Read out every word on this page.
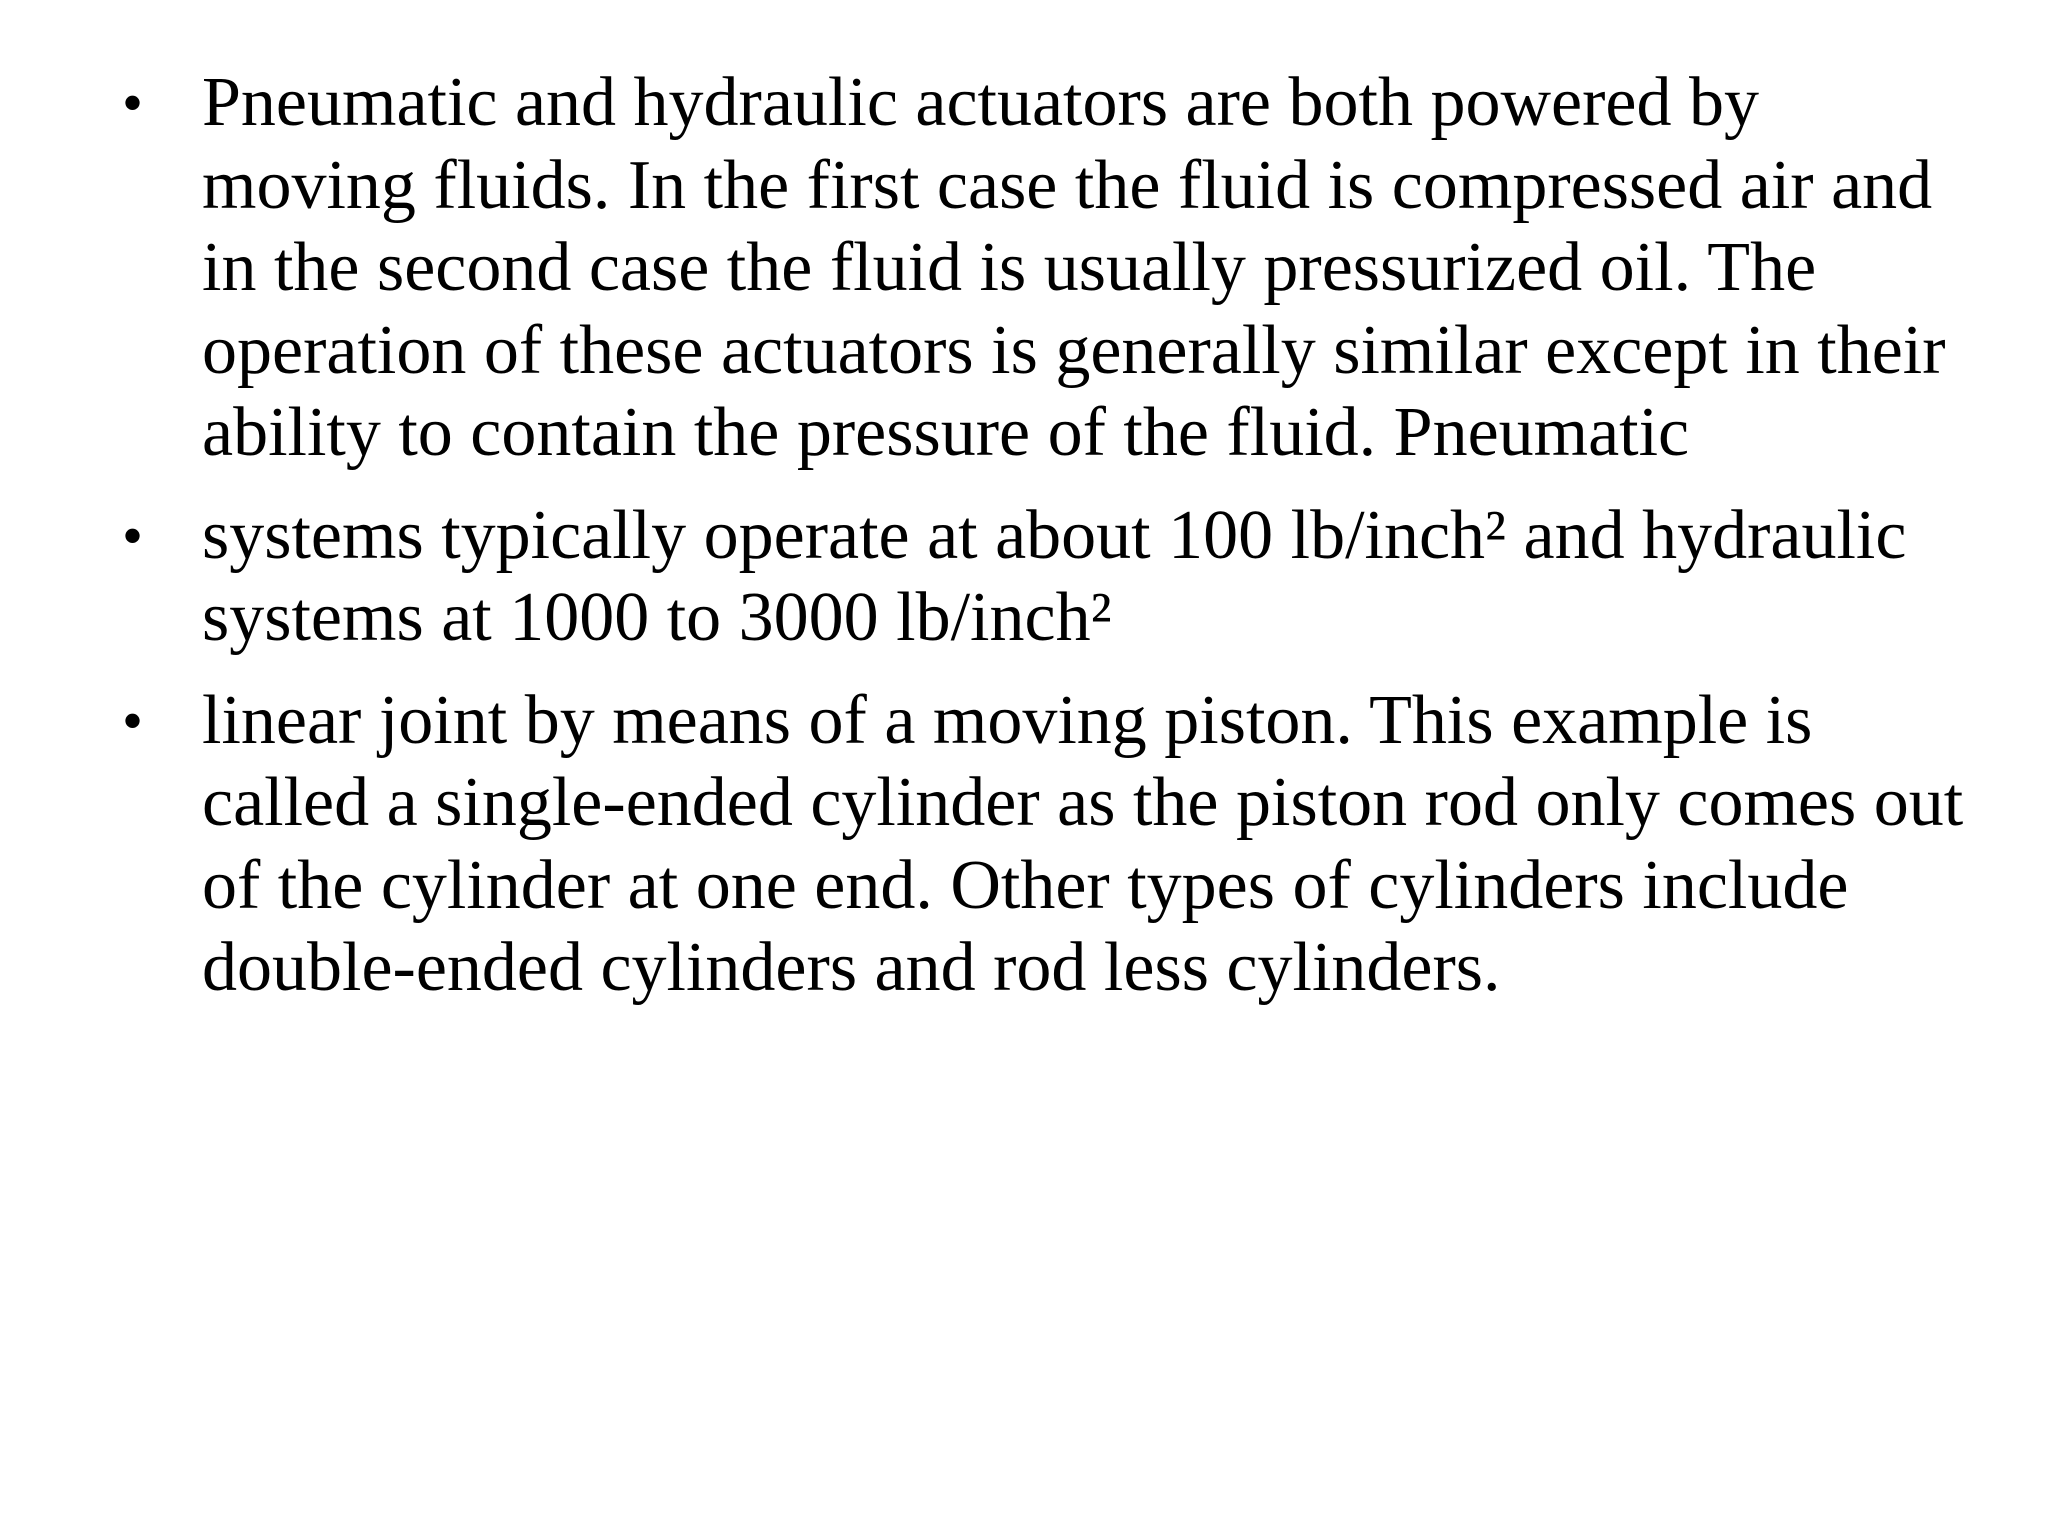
• Pneumatic and hydraulic actuators are both powered by
moving fluids. In the first case the fluid is compressed air and
in the second case the fluid is usually pressurized oil. The
operation of these actuators is generally similar except in their
ability to contain the pressure of the fluid. Pneumatic
• systems typically operate at about 100 lb/inch² and hydraulic
systems at 1000 to 3000 lb/inch²
• linear joint by means of a moving piston. This example is
called a single-ended cylinder as the piston rod only comes out
of the cylinder at one end. Other types of cylinders include
double-ended cylinders and rod less cylinders.
